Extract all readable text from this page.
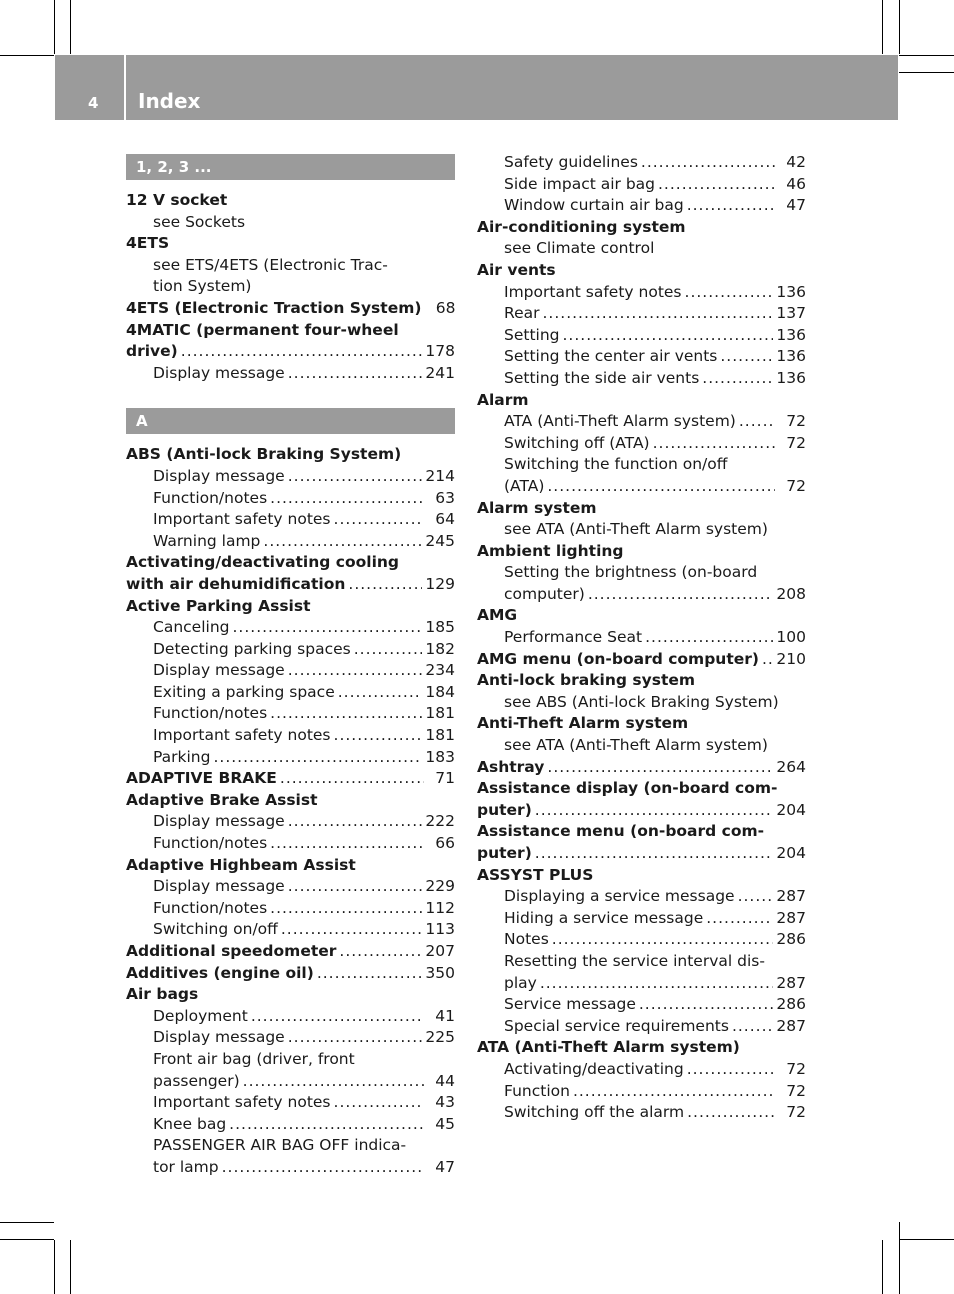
4 Index
1, 2, 3 ...
12 V socket
see Sockets
4ETS
see ETS/4ETS (Electronic Trac-
tion System)
4ETS (Electronic Traction System) 68
4MATIC (permanent four-wheel
drive) .....	178
Display message .....	241
A
ABS (Anti-lock Braking System)
Display message .....	214
Function/notes .....	63
Important safety notes .....	64
Warning lamp .....	245
Activating/deactivating cooling
with air dehumidification .....	129
Active Parking Assist
Canceling .....	185
Detecting parking spaces .....	182
Display message .....	234
Exiting a parking space .....	184
Function/notes .....	181
Important safety notes .....	181
Parking .....	183
ADAPTIVE BRAKE .....	71
Adaptive Brake Assist
Display message .....	222
Function/notes .....	66
Adaptive Highbeam Assist
Display message .....	229
Function/notes .....	112
Switching on/off .....	113
Additional speedometer .....	207
Additives (engine oil) .....	350
Air bags
Deployment .....	41
Display message .....	225
Front air bag (driver, front
passenger) .....	44
Important safety notes .....	43
Knee bag .....	45
PASSENGER AIR BAG OFF indica-
tor lamp .....	47
Safety guidelines .....	42
Side impact air bag .....	46
Window curtain air bag .....	47
Air-conditioning system
see Climate control
Air vents
Important safety notes .....	136
Rear .....	137
Setting .....	136
Setting the center air vents .....	136
Setting the side air vents .....	136
Alarm
ATA (Anti-Theft Alarm system) .....	72
Switching off (ATA) .....	72
Switching the function on/off
(ATA) .....	72
Alarm system
see ATA (Anti-Theft Alarm system)
Ambient lighting
Setting the brightness (on-board
computer) .....	208
AMG
Performance Seat .....	100
AMG menu (on-board computer) ..... 210
Anti-lock braking system
see ABS (Anti-lock Braking System)
Anti-Theft Alarm system
see ATA (Anti-Theft Alarm system)
Ashtray .....	264
Assistance display (on-board com-
puter) .....	204
Assistance menu (on-board com-
puter) .....	204
ASSYST PLUS
Displaying a service message .....	287
Hiding a service message .....	287
Notes .....	286
Resetting the service interval dis-
play .....	287
Service message .....	286
Special service requirements .....	287
ATA (Anti-Theft Alarm system)
Activating/deactivating .....	72
Function .....	72
Switching off the alarm .....	72
